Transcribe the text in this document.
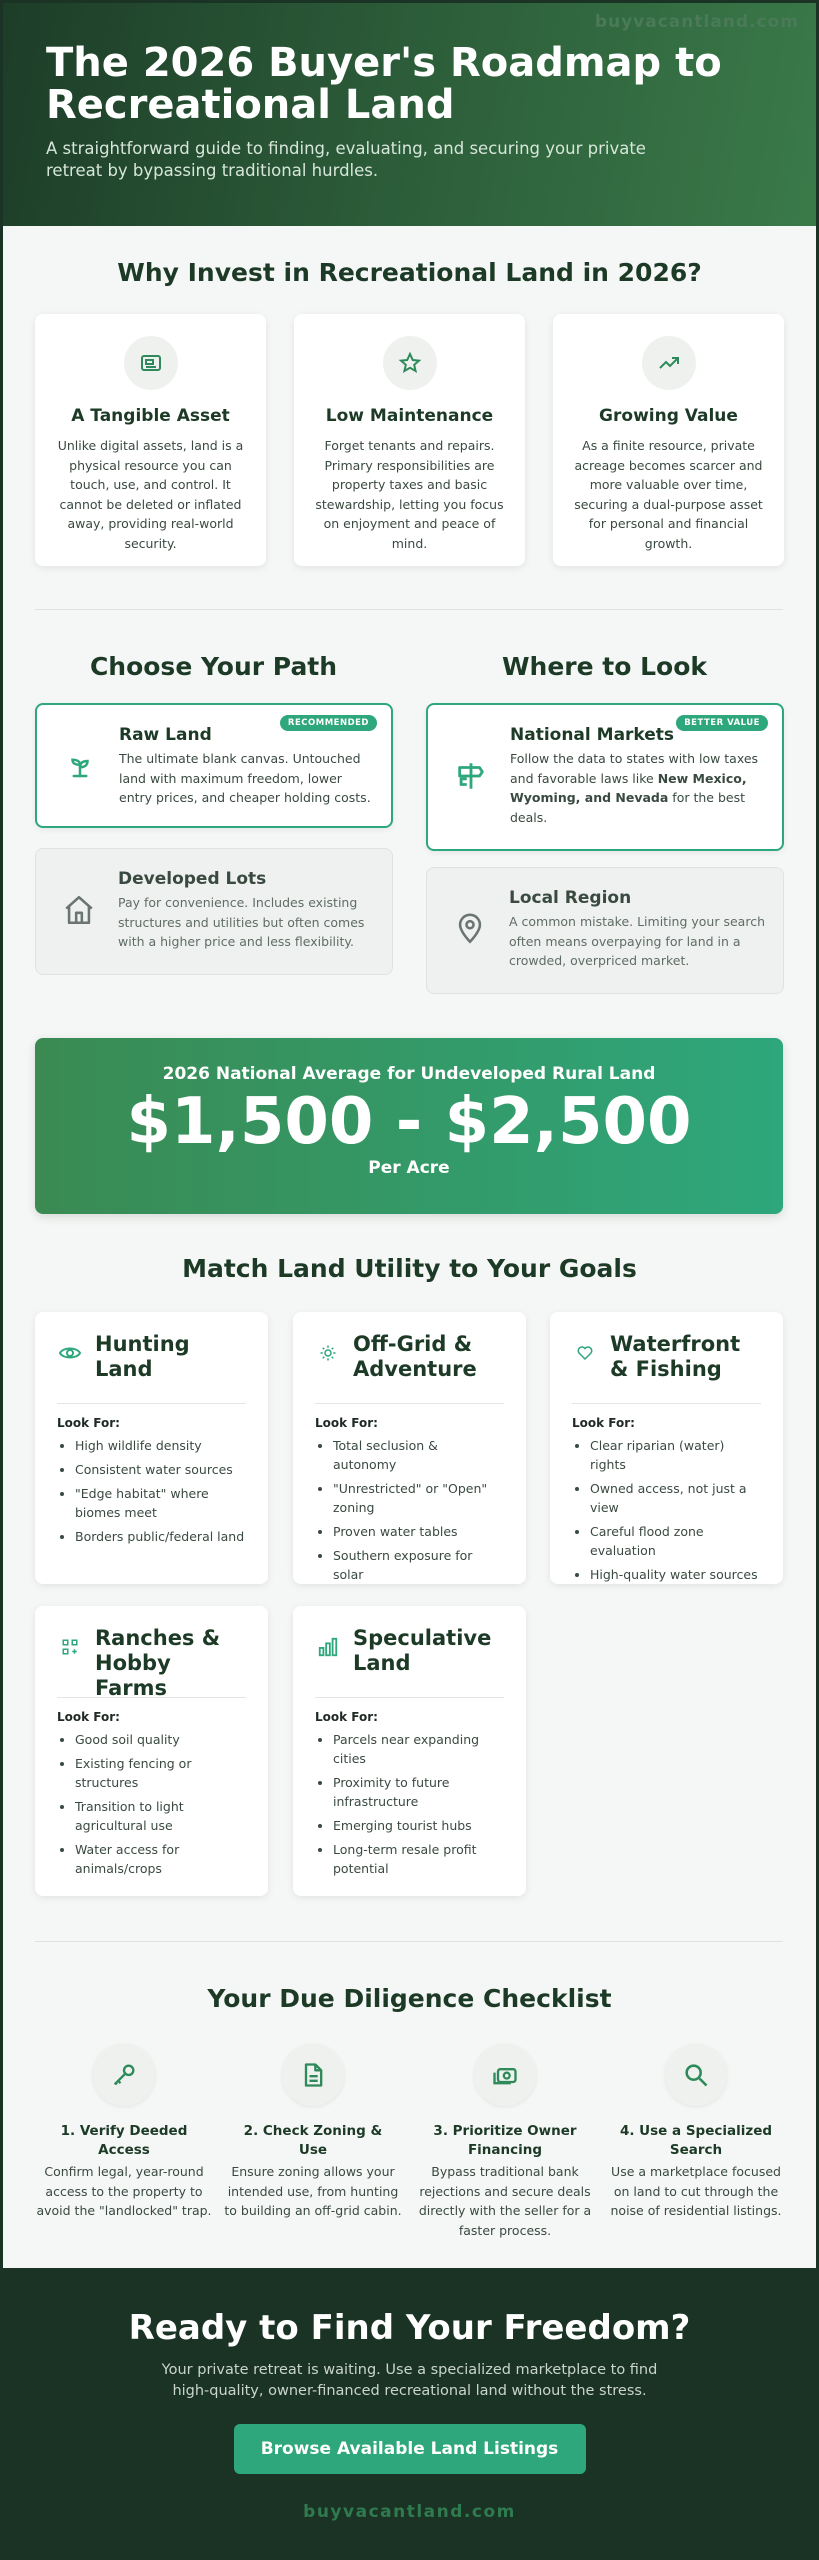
buyvacantland.com
The 2026 Buyer's Roadmap to Recreational Land

A straightforward guide to finding, evaluating, and securing your private retreat by bypassing traditional hurdles.

Why Invest in Recreational Land in 2026?
A Tangible Asset

Unlike digital assets, land is a physical resource you can touch, use, and control. It cannot be deleted or inflated away, providing real-world security.

Low Maintenance

Forget tenants and repairs. Primary responsibilities are property taxes and basic stewardship, letting you focus on enjoyment and peace of mind.

Growing Value

As a finite resource, private acreage becomes scarcer and more valuable over time, securing a dual-purpose asset for personal and financial growth.

Choose Your Path	Where to Look
RECOMMENDED
Raw Land

The ultimate blank canvas. Untouched land with maximum freedom, lower entry prices, and cheaper holding costs.

Developed Lots

Pay for convenience. Includes existing structures and utilities but often comes with a higher price and less flexibility.

BETTER VALUE
National Markets

Follow the data to states with low taxes and favorable laws like New Mexico, Wyoming, and Nevada for the best deals.

Local Region

A common mistake. Limiting your search often means overpaying for land in a crowded, overpriced market.

2026 National Average for Undeveloped Rural Land
$1,500 - $2,500
Per Acre
Match Land Utility to Your Goals
Hunting Land
Look For:
• High wildlife density
• Consistent water sources
• "Edge habitat" where biomes meet
• Borders public/federal land
Off-Grid & Adventure
Look For:
• Total seclusion & autonomy
• "Unrestricted" or "Open" zoning
• Proven water tables
• Southern exposure for solar
Waterfront & Fishing
Look For:
• Clear riparian (water) rights
• Owned access, not just a view
• Careful flood zone evaluation
• High-quality water sources
Ranches & Hobby Farms
Look For:
• Good soil quality
• Existing fencing or structures
• Transition to light agricultural use
• Water access for animals/crops
Speculative Land
Look For:
• Parcels near expanding cities
• Proximity to future infrastructure
• Emerging tourist hubs
• Long-term resale profit potential
Your Due Diligence Checklist
1. Verify Deeded Access

Confirm legal, year-round access to the property to avoid the "landlocked" trap.

2. Check Zoning & Use

Ensure zoning allows your intended use, from hunting to building an off-grid cabin.

3. Prioritize Owner Financing

Bypass traditional bank rejections and secure deals directly with the seller for a faster process.

4. Use a Specialized Search

Use a marketplace focused on land to cut through the noise of residential listings.

Ready to Find Your Freedom?

Your private retreat is waiting. Use a specialized marketplace to find high-quality, owner-financed recreational land without the stress.

Browse Available Land Listings
buyvacantland.com
